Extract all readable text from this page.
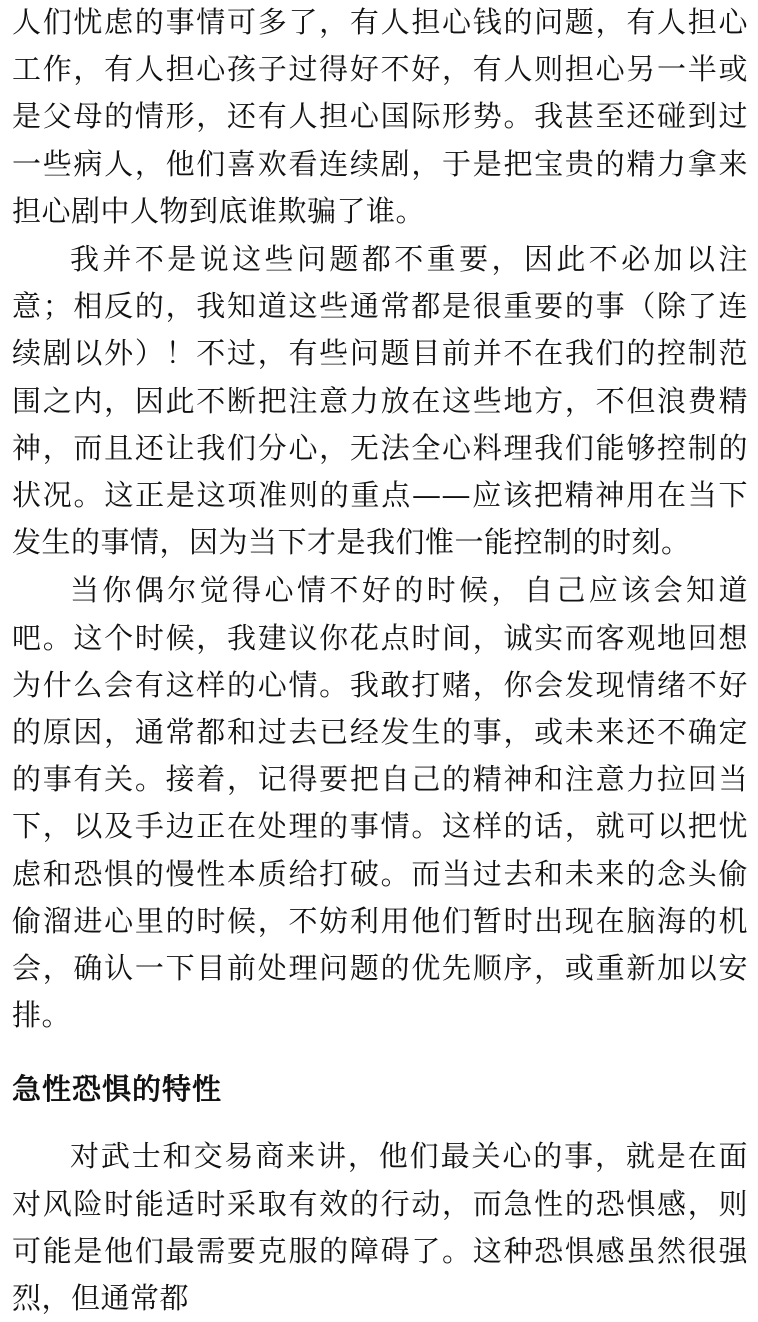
人们忧虑的事情可多了，有人担心钱的问题，有人担心工作，有人担心孩子过得好不好，有人则担心另一半或是父母的情形，还有人担心国际形势。我甚至还碰到过一些病人，他们喜欢看连续剧，于是把宝贵的精力拿来担心剧中人物到底谁欺骗了谁。

我并不是说这些问题都不重要，因此不必加以注意；相反的，我知道这些通常都是很重要的事（除了连续剧以外）！不过，有些问题目前并不在我们的控制范围之内，因此不断把注意力放在这些地方，不但浪费精神，而且还让我们分心，无法全心料理我们能够控制的状况。这正是这项准则的重点——应该把精神用在当下发生的事情，因为当下才是我们惟一能控制的时刻。

当你偶尔觉得心情不好的时候，自己应该会知道吧。这个时候，我建议你花点时间，诚实而客观地回想为什么会有这样的心情。我敢打赌，你会发现情绪不好的原因，通常都和过去已经发生的事，或未来还不确定的事有关。接着，记得要把自己的精神和注意力拉回当下，以及手边正在处理的事情。这样的话，就可以把忧虑和恐惧的慢性本质给打破。而当过去和未来的念头偷偷溜进心里的时候，不妨利用他们暂时出现在脑海的机会，确认一下目前处理问题的优先顺序，或重新加以安排。

急性恐惧的特性

对武士和交易商来讲，他们最关心的事，就是在面对风险时能适时采取有效的行动，而急性的恐惧感，则可能是他们最需要克服的障碍了。这种恐惧感虽然很强烈，但通常都
